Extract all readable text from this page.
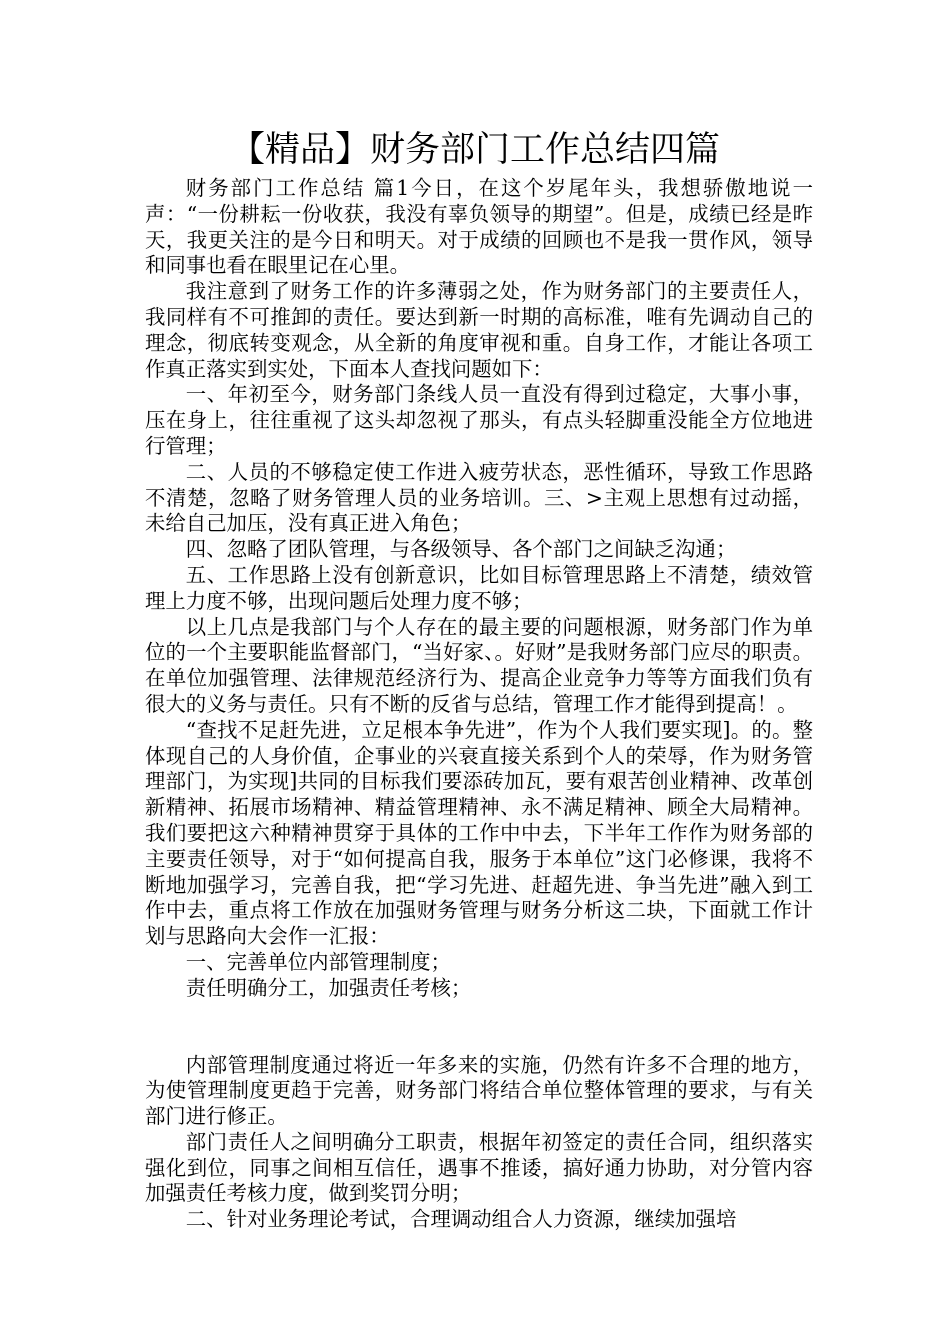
【精品】财务部门工作总结四篇

财务部门工作总结 篇1今日，在这个岁尾年头，我想骄傲地说一声：“一份耕耘一份收获，我没有辜负领导的期望”。但是，成绩已经是昨天，我更关注的是今日和明天。对于成绩的回顾也不是我一贯作风，领导和同事也看在眼里记在心里。

我注意到了财务工作的许多薄弱之处，作为财务部门的主要责任人，我同样有不可推卸的责任。要达到新一时期的高标准，唯有先调动自己的理念，彻底转变观念，从全新的角度审视和重。自身工作，才能让各项工作真正落实到实处，下面本人查找问题如下：

一、年初至今，财务部门条线人员一直没有得到过稳定，大事小事，压在身上，往往重视了这头却忽视了那头，有点头轻脚重没能全方位地进行管理；

二、人员的不够稳定使工作进入疲劳状态，恶性循环，导致工作思路不清楚，忽略了财务管理人员的业务培训。三、>主观上思想有过动摇，未给自己加压，没有真正进入角色；

四、忽略了团队管理，与各级领导、各个部门之间缺乏沟通；

五、工作思路上没有创新意识，比如目标管理思路上不清楚，绩效管理上力度不够，出现问题后处理力度不够；

以上几点是我部门与个人存在的最主要的问题根源，财务部门作为单位的一个主要职能监督部门，“当好家、。好财”是我财务部门应尽的职责。在单位加强管理、法律规范经济行为、提高企业竞争力等等方面我们负有很大的义务与责任。只有不断的反省与总结，管理工作才能得到提高！。

“查找不足赶先进，立足根本争先进”，作为个人我们要实现]。的。整体现自己的人身价值，企事业的兴衰直接关系到个人的荣辱，作为财务管理部门，为实现]共同的目标我们要添砖加瓦，要有艰苦创业精神、改革创新精神、拓展市场精神、精益管理精神、永不满足精神、顾全大局精神。我们要把这六种精神贯穿于具体的工作中中去，下半年工作作为财务部的主要责任领导，对于“如何提高自我，服务于本单位”这门必修课，我将不断地加强学习，完善自我，把“学习先进、赶超先进、争当先进”融入到工作中去，重点将工作放在加强财务管理与财务分析这二块，下面就工作计划与思路向大会作一汇报：

一、完善单位内部管理制度；

责任明确分工，加强责任考核；

内部管理制度通过将近一年多来的实施，仍然有许多不合理的地方，为使管理制度更趋于完善，财务部门将结合单位整体管理的要求，与有关部门进行修正。

部门责任人之间明确分工职责，根据年初签定的责任合同，组织落实强化到位，同事之间相互信任，遇事不推诿，搞好通力协助，对分管内容加强责任考核力度，做到奖罚分明；

二、针对业务理论考试，合理调动组合人力资源，继续加强培
